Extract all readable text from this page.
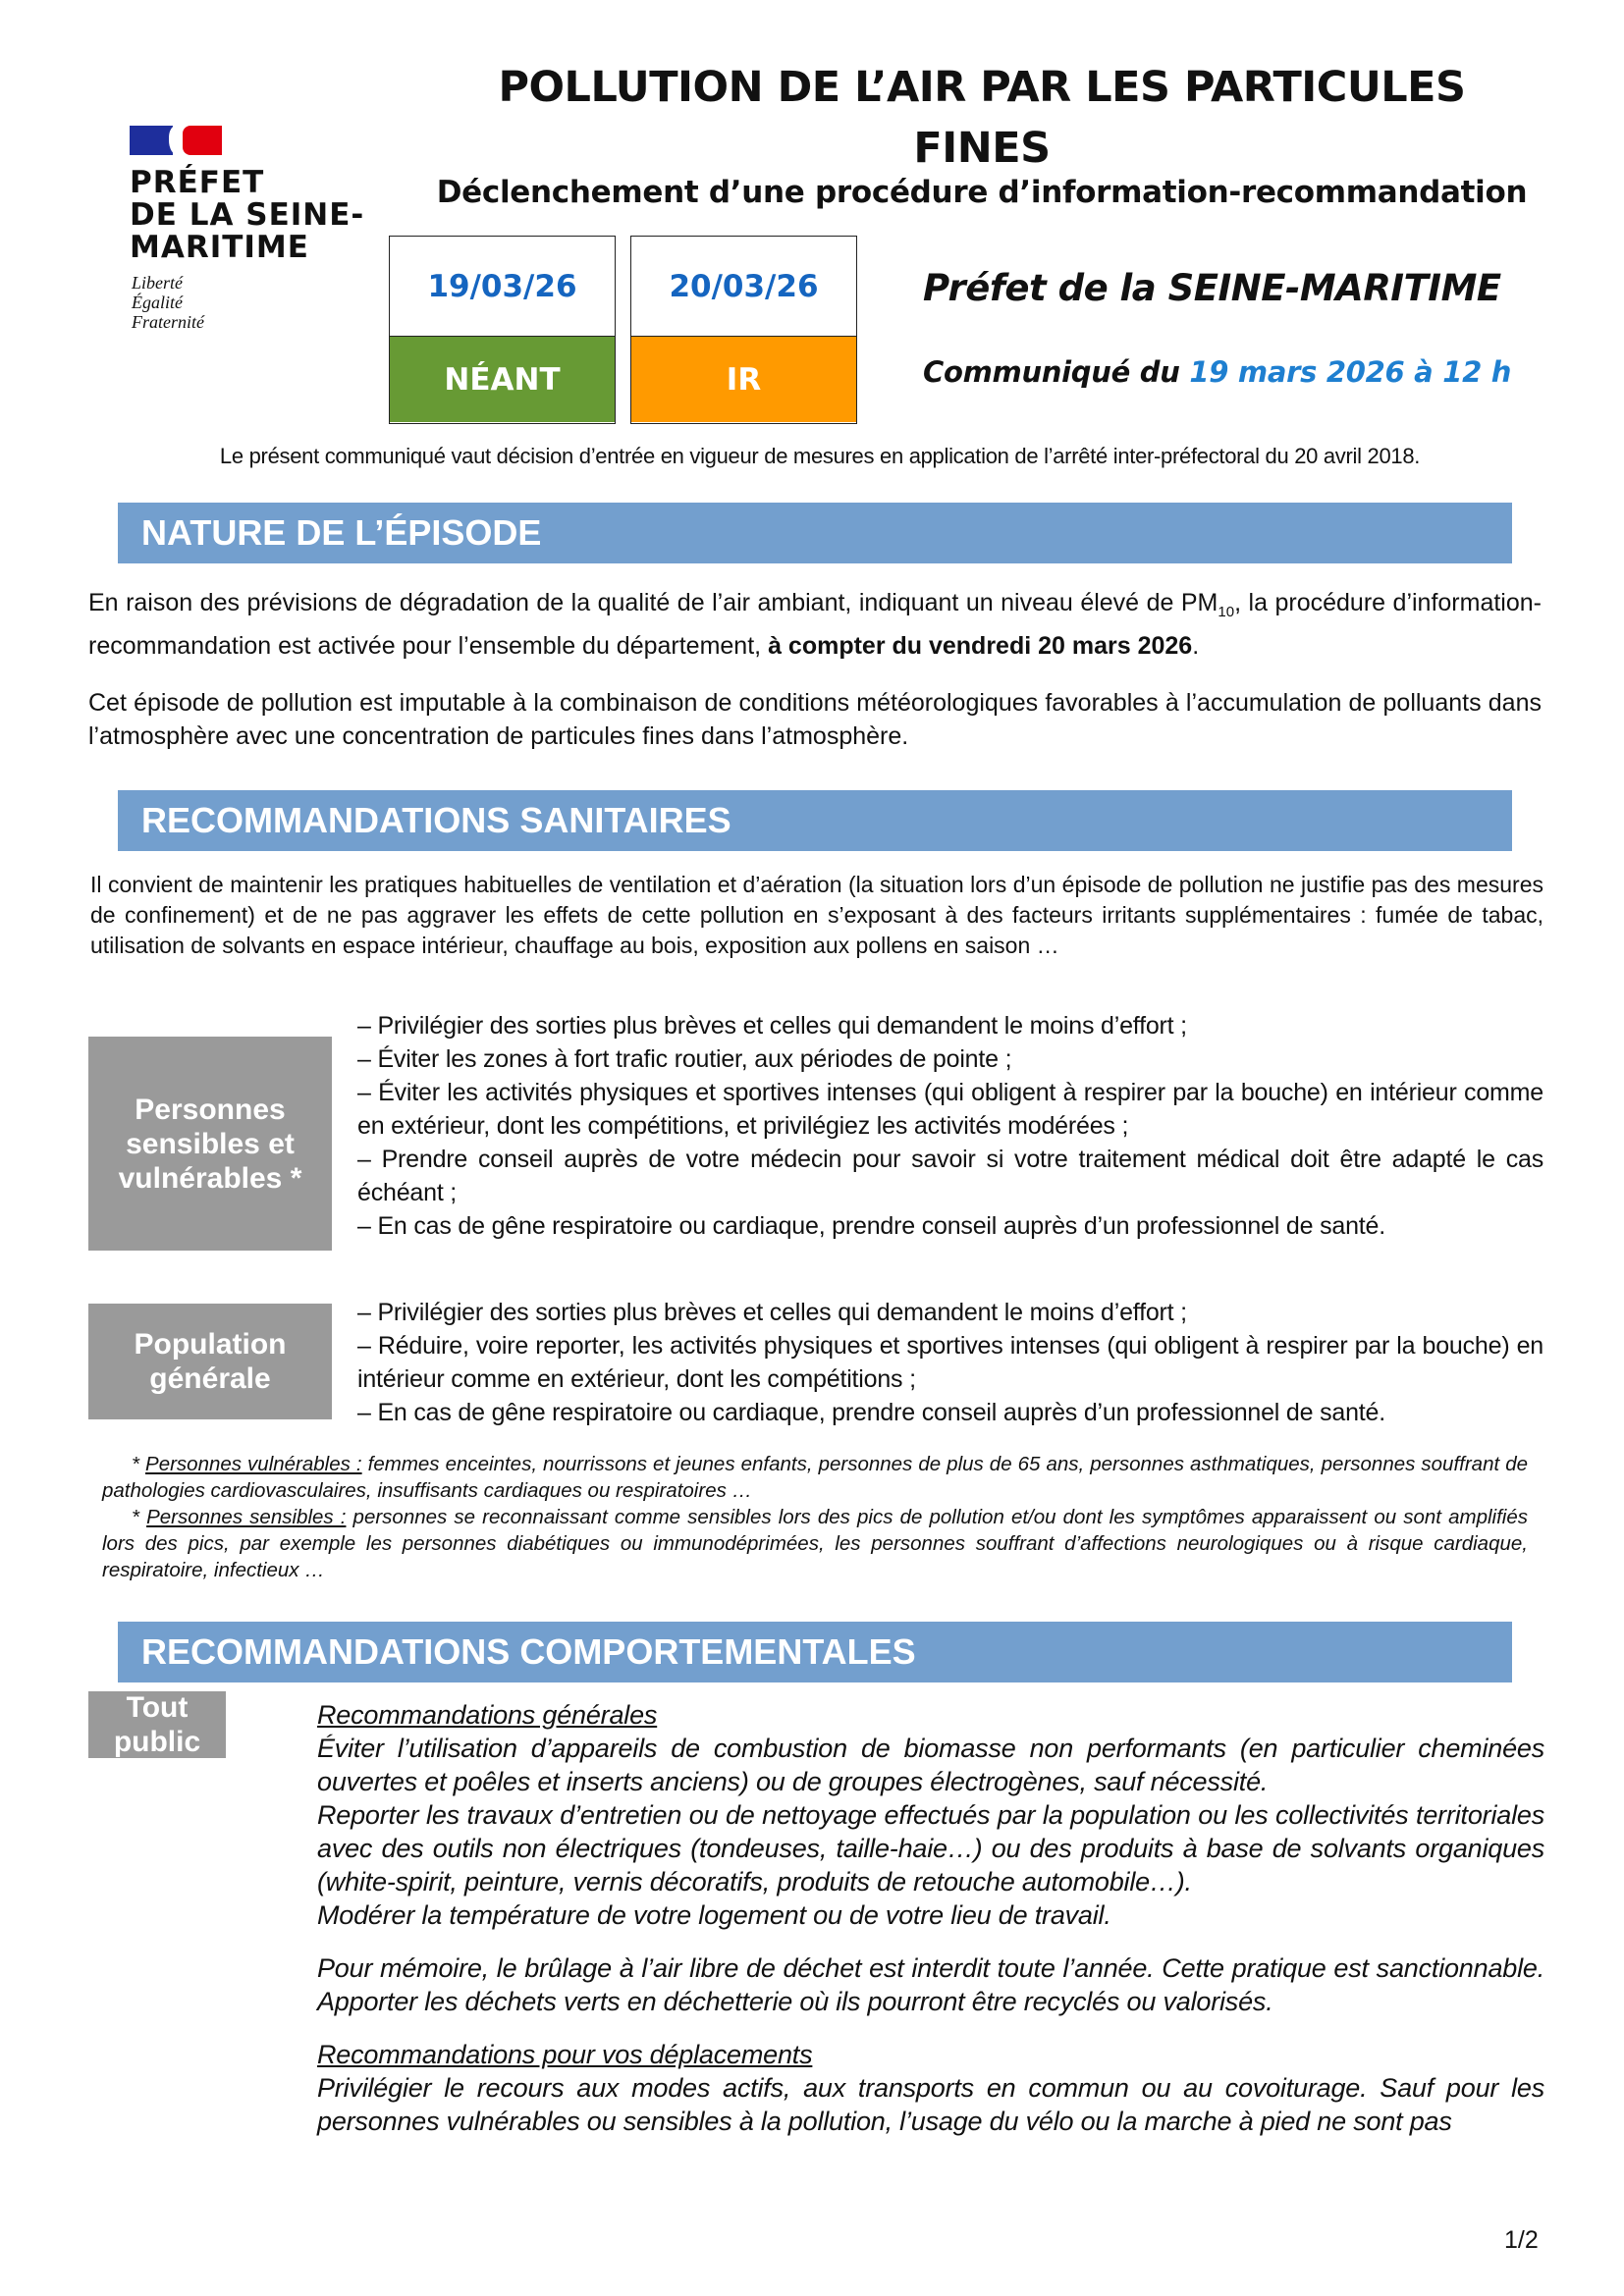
PRÉFET
DE LA SEINE-
MARITIME
Liberté
Égalité
Fraternité
POLLUTION DE L’AIR PAR LES PARTICULES
FINES
Déclenchement d’une procédure d’information-recommandation
19/03/26
NÉANT
20/03/26
IR
Préfet de la SEINE-MARITIME
Communiqué du 19 mars 2026 à 12 h
Le présent communiqué vaut décision d’entrée en vigueur de mesures en application de l’arrêté inter-préfectoral du 20 avril 2018.
NATURE DE L’ÉPISODE
En raison des prévisions de dégradation de la qualité de l’air ambiant, indiquant un niveau élevé de $PM_{10}$, la procédure d’information-recommandation est activée pour l’ensemble du département, à compter du vendredi 20 mars 2026.
Cet épisode de pollution est imputable à la combinaison de conditions météorologiques favorables à l’accumulation de polluants dans l’atmosphère avec une concentration de particules fines dans l’atmosphère.
RECOMMANDATIONS SANITAIRES
Il convient de maintenir les pratiques habituelles de ventilation et d’aération (la situation lors d’un épisode de pollution ne justifie pas des mesures de confinement) et de ne pas aggraver les effets de cette pollution en s’exposant à des facteurs irritants supplémentaires : fumée de tabac, utilisation de solvants en espace intérieur, chauffage au bois, exposition aux pollens en saison …
Personnes sensibles et vulnérables *
– Privilégier des sorties plus brèves et celles qui demandent le moins d’effort ;
– Éviter les zones à fort trafic routier, aux périodes de pointe ;
– Éviter les activités physiques et sportives intenses (qui obligent à respirer par la bouche) en intérieur comme en extérieur, dont les compétitions, et privilégiez les activités modérées ;
– Prendre conseil auprès de votre médecin pour savoir si votre traitement médical doit être adapté le cas échéant ;
– En cas de gêne respiratoire ou cardiaque, prendre conseil auprès d’un professionnel de santé.
Population générale
– Privilégier des sorties plus brèves et celles qui demandent le moins d’effort ;
– Réduire, voire reporter, les activités physiques et sportives intenses (qui obligent à respirer par la bouche) en intérieur comme en extérieur, dont les compétitions ;
– En cas de gêne respiratoire ou cardiaque, prendre conseil auprès d’un professionnel de santé.
* Personnes vulnérables : femmes enceintes, nourrissons et jeunes enfants, personnes de plus de 65 ans, personnes asthmatiques, personnes souffrant de pathologies cardiovasculaires, insuffisants cardiaques ou respiratoires …
* Personnes sensibles : personnes se reconnaissant comme sensibles lors des pics de pollution et/ou dont les symptômes apparaissent ou sont amplifiés lors des pics, par exemple les personnes diabétiques ou immunodéprimées, les personnes souffrant d’affections neurologiques ou à risque cardiaque, respiratoire, infectieux …
RECOMMANDATIONS COMPORTEMENTALES
Tout public
Recommandations générales
Éviter l’utilisation d’appareils de combustion de biomasse non performants (en particulier cheminées ouvertes et poêles et inserts anciens) ou de groupes électrogènes, sauf nécessité.
Reporter les travaux d’entretien ou de nettoyage effectués par la population ou les collectivités territoriales avec des outils non électriques (tondeuses, taille-haie…) ou des produits à base de solvants organiques (white-spirit, peinture, vernis décoratifs, produits de retouche automobile…).
Modérer la température de votre logement ou de votre lieu de travail.
Pour mémoire, le brûlage à l’air libre de déchet est interdit toute l’année. Cette pratique est sanctionnable. Apporter les déchets verts en déchetterie où ils pourront être recyclés ou valorisés.
Recommandations pour vos déplacements
Privilégier le recours aux modes actifs, aux transports en commun ou au covoiturage. Sauf pour les personnes vulnérables ou sensibles à la pollution, l’usage du vélo ou la marche à pied ne sont pas
1/2
